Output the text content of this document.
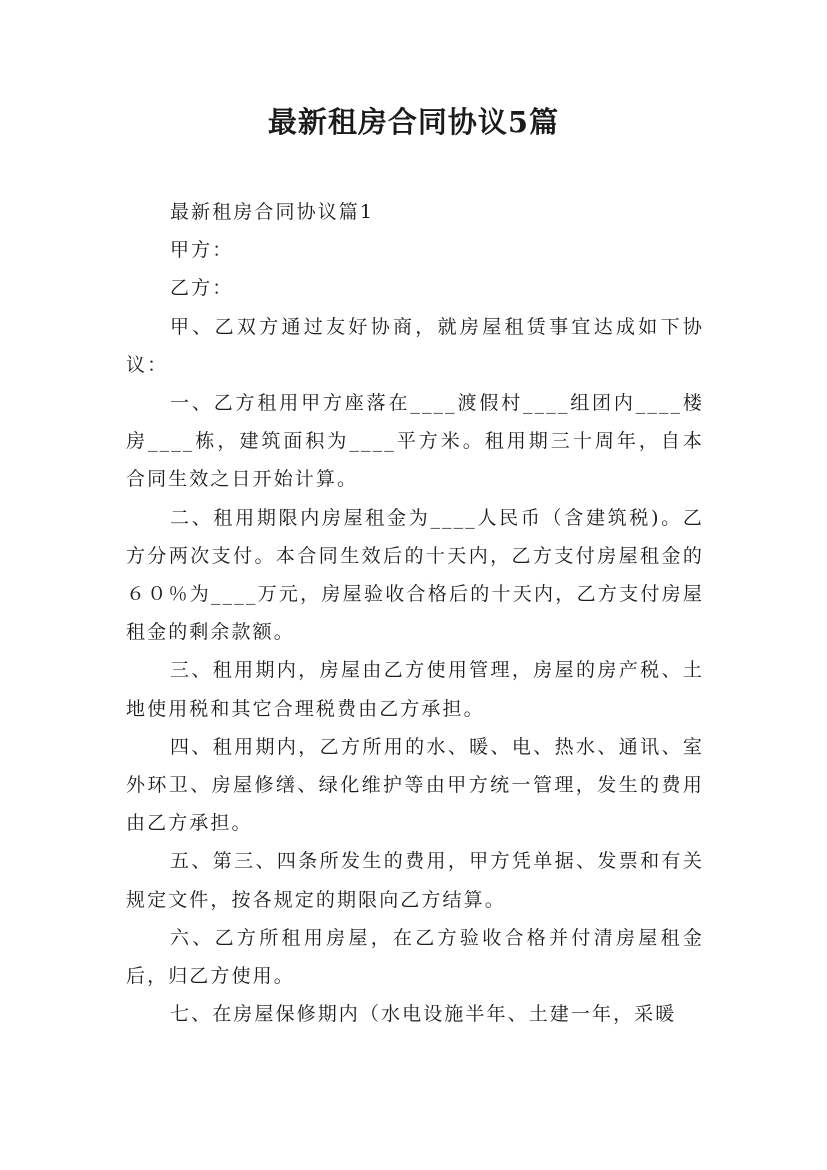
最新租房合同协议5篇

最新租房合同协议篇1

甲方：

乙方：

甲、乙双方通过友好协商，就房屋租赁事宜达成如下协议：

一、乙方租用甲方座落在____渡假村____组团内____楼房____栋，建筑面积为____平方米。租用期三十周年，自本合同生效之日开始计算。

二、租用期限内房屋租金为____人民币（含建筑税)。乙方分两次支付。本合同生效后的十天内，乙方支付房屋租金的６０％为____万元，房屋验收合格后的十天内，乙方支付房屋租金的剩余款额。

三、租用期内，房屋由乙方使用管理，房屋的房产税、土地使用税和其它合理税费由乙方承担。

四、租用期内，乙方所用的水、暖、电、热水、通讯、室外环卫、房屋修缮、绿化维护等由甲方统一管理，发生的费用由乙方承担。

五、第三、四条所发生的费用，甲方凭单据、发票和有关规定文件，按各规定的期限向乙方结算。

六、乙方所租用房屋，在乙方验收合格并付清房屋租金后，归乙方使用。

七、在房屋保修期内（水电设施半年、土建一年，采暖
